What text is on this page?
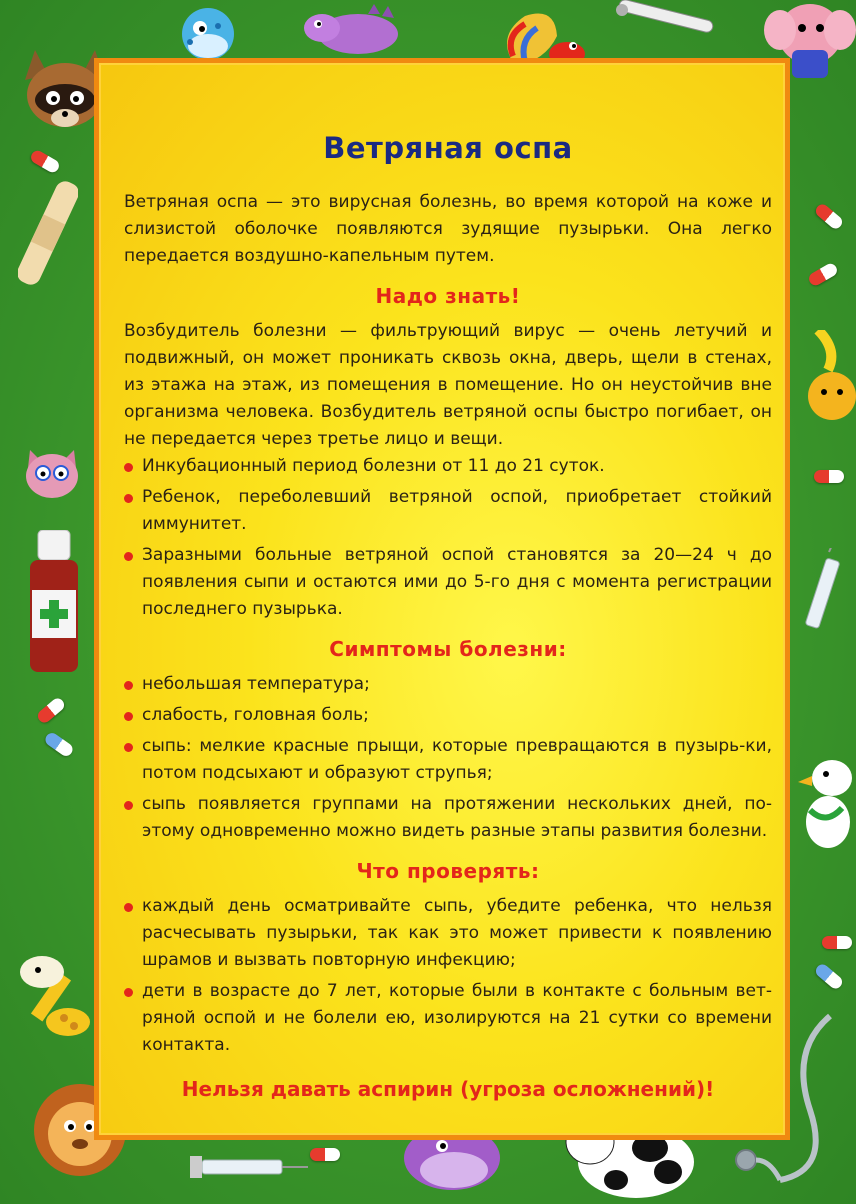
Ветряная оспа

Ветряная оспа — это вирусная болезнь, во время которой на коже и слизистой оболочке появляются зудящие пузырьки. Она легко передается воздушно-капельным путем.

Надо знать!

Возбудитель болезни — фильтрующий вирус — очень летучий и подвижный, он может проникать сквозь окна, дверь, щели в стенах, из этажа на этаж, из помещения в помещение. Но он неустойчив вне организма человека. Возбудитель ветряной оспы быстро погибает, он не передается через третье лицо и вещи.

Инкубационный период болезни от 11 до 21 суток.
Ребенок, переболевший ветряной оспой, приобретает стойкий иммунитет.
Заразными больные ветряной оспой становятся за 20—24 ч до появления сыпи и остаются ими до 5-го дня с момента регистрации последнего пузырька.
Симптомы болезни:
небольшая температура;
слабость, головная боль;
сыпь: мелкие красные прыщи, которые превращаются в пузырь-ки, потом подсыхают и образуют струпья;
сыпь появляется группами на протяжении нескольких дней, по-этому одновременно можно видеть разные этапы развития болезни.
Что проверять:
каждый день осматривайте сыпь, убедите ребенка, что нельзя расчесывать пузырьки, так как это может привести к появлению шрамов и вызвать повторную инфекцию;
дети в возрасте до 7 лет, которые были в контакте с больным вет-ряной оспой и не болели ею, изолируются на 21 сутки со времени контакта.
Нельзя давать аспирин (угроза осложнений)!
